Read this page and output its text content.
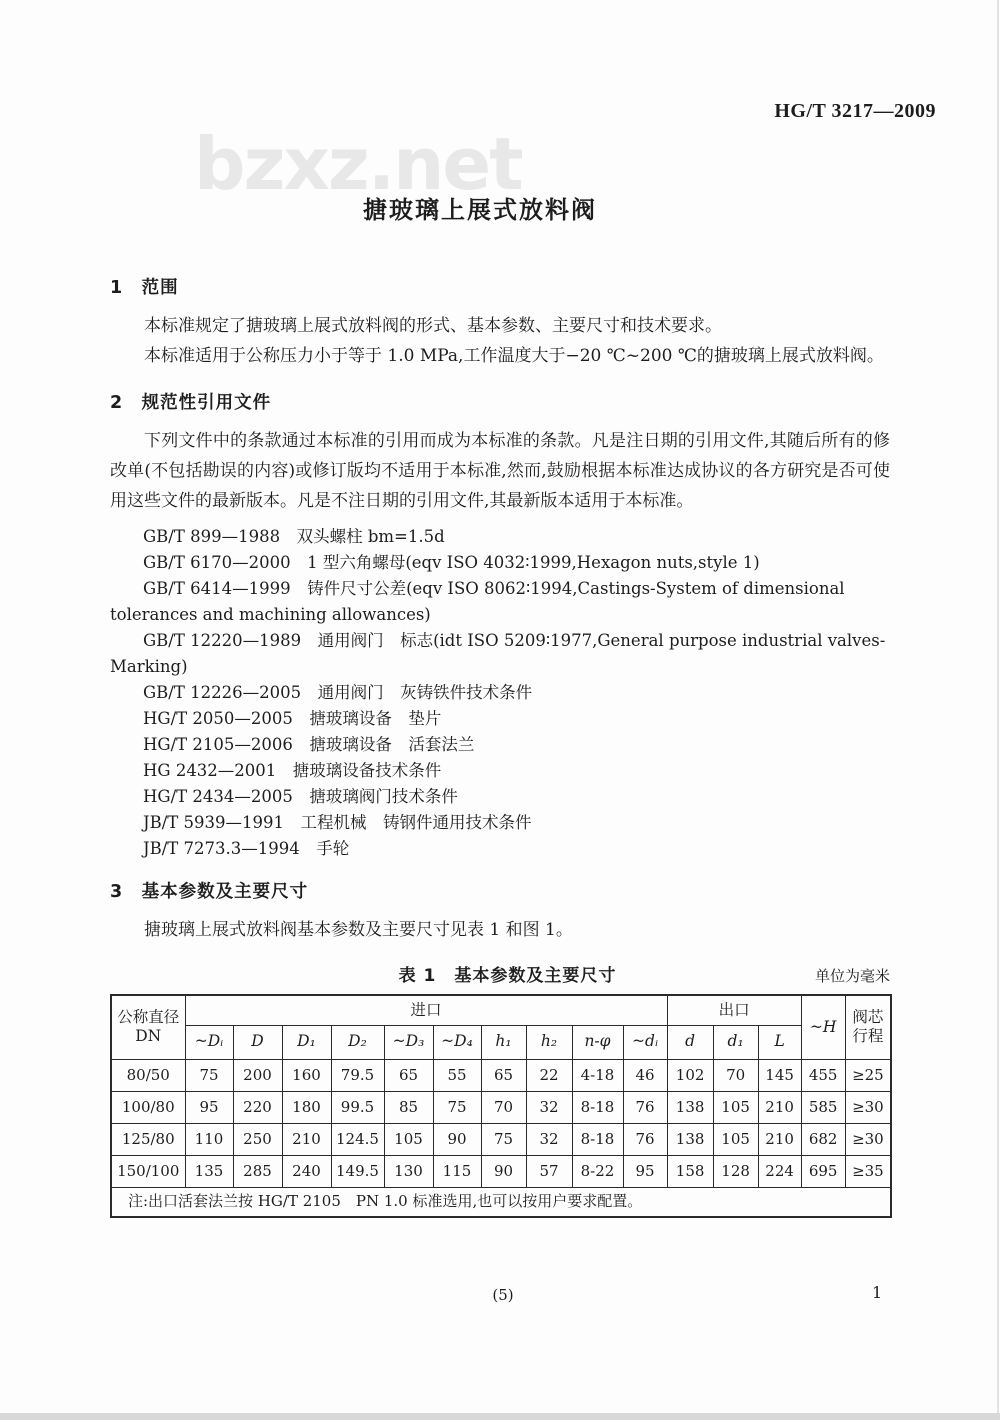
HG/T 3217—2009
bzxz.net
搪玻璃上展式放料阀
1　范围

本标准规定了搪玻璃上展式放料阀的形式、基本参数、主要尺寸和技术要求。

本标准适用于公称压力小于等于 1.0 MPa,工作温度大于−20 ℃~200 ℃的搪玻璃上展式放料阀。

2　规范性引用文件

下列文件中的条款通过本标准的引用而成为本标准的条款。凡是注日期的引用文件,其随后所有的修改单(不包括勘误的内容)或修订版均不适用于本标准,然而,鼓励根据本标准达成协议的各方研究是否可使用这些文件的最新版本。凡是不注日期的引用文件,其最新版本适用于本标准。

GB/T 899—1988　双头螺柱 bm=1.5d

GB/T 6170—2000　1 型六角螺母(eqv ISO 4032∶1999,Hexagon nuts,style 1)

GB/T 6414—1999　铸件尺寸公差(eqv ISO 8062∶1994,Castings-System of dimensional tolerances and machining allowances)

GB/T 12220—1989　通用阀门　标志(idt ISO 5209∶1977,General purpose industrial valves-Marking)

GB/T 12226—2005　通用阀门　灰铸铁件技术条件

HG/T 2050—2005　搪玻璃设备　垫片

HG/T 2105—2006　搪玻璃设备　活套法兰

HG 2432—2001　搪玻璃设备技术条件

HG/T 2434—2005　搪玻璃阀门技术条件

JB/T 5939—1991　工程机械　铸钢件通用技术条件

JB/T 7273.3—1994　手轮

3　基本参数及主要尺寸

搪玻璃上展式放料阀基本参数及主要尺寸见表 1 和图 1。

表 1　基本参数及主要尺寸	单位为毫米
公称直径
DN	进口										出口			~H	阀芯
行程
	~Dᵢ	D	D₁	D₂	~D₃	~D₄	h₁	h₂	n-φ	~dᵢ	d	d₁	L		
80/50	75	200	160	79.5	65	55	65	22	4-18	46	102	70	145	455	≥25
100/80	95	220	180	99.5	85	75	70	32	8-18	76	138	105	210	585	≥30
125/80	110	250	210	124.5	105	90	75	32	8-18	76	138	105	210	682	≥30
150/100	135	285	240	149.5	130	115	90	57	8-22	95	158	128	224	695	≥35
注:出口活套法兰按 HG/T 2105　PN 1.0 标准选用,也可以按用户要求配置。															
(5)	1
